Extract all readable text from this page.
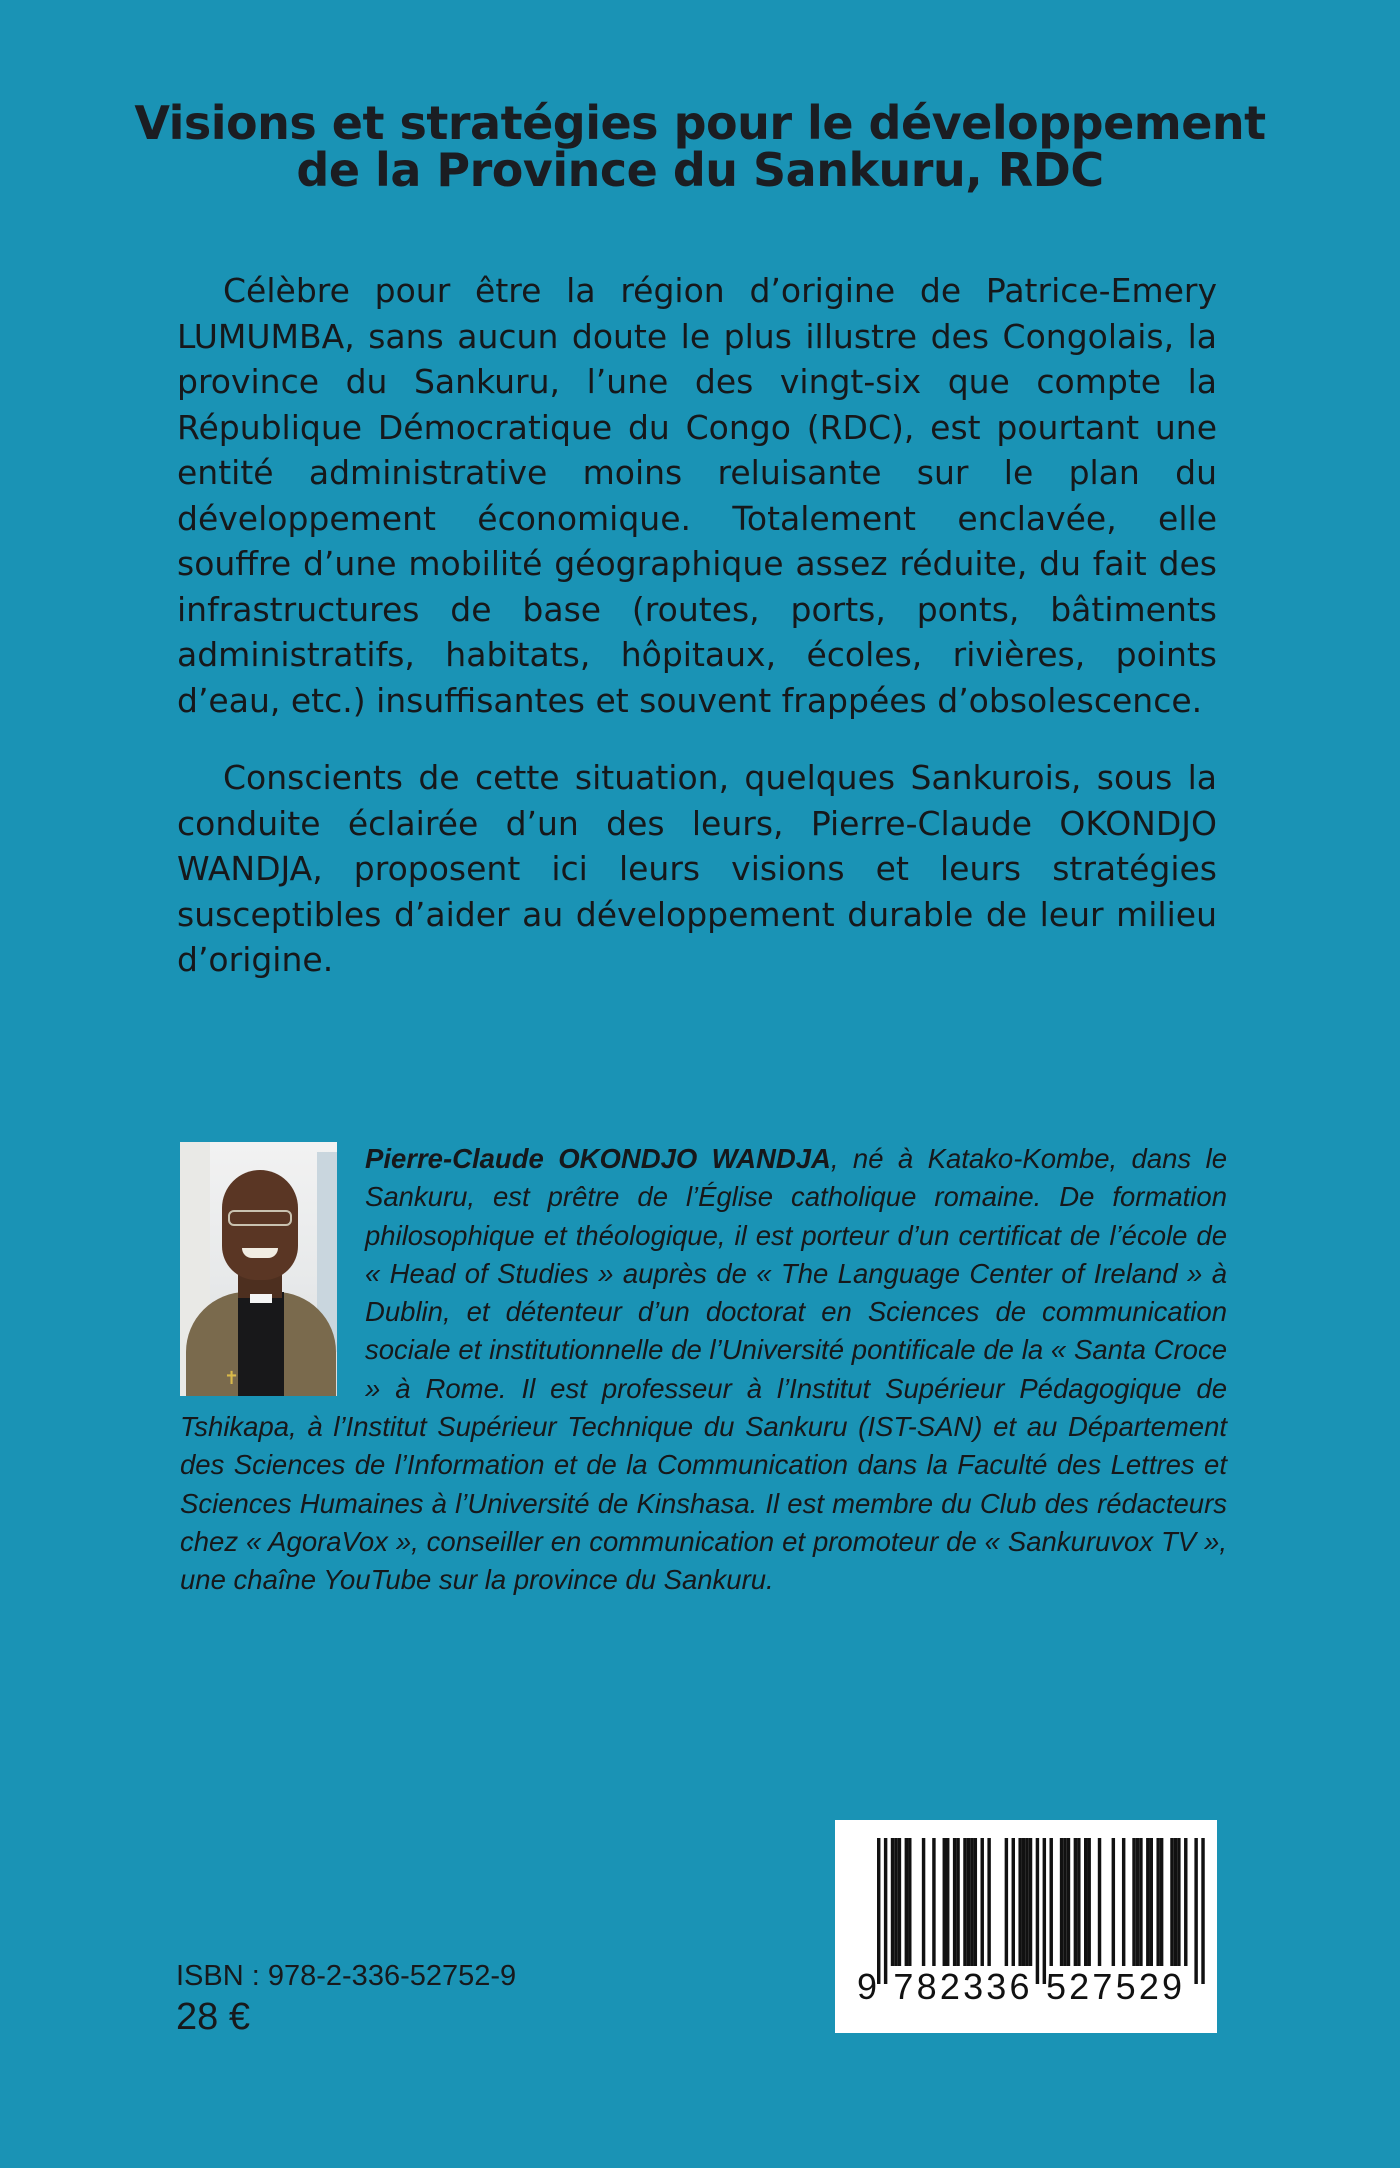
Visions et stratégies pour le développement
de la Province du Sankuru, RDC

Célèbre pour être la région d’origine de Patrice-Emery LUMUMBA, sans aucun doute le plus illustre des Congolais, la province du Sankuru, l’une des vingt-six que compte la République Démocratique du Congo (RDC), est pourtant une entité administrative moins reluisante sur le plan du développement économique. Totalement enclavée, elle souffre d’une mobilité géographique assez réduite, du fait des infrastructures de base (routes, ports, ponts, bâtiments administratifs, habitats, hôpitaux, écoles, rivières, points d’eau, etc.) insuffisantes et souvent frappées d’obsolescence.

Conscients de cette situation, quelques Sankurois, sous la conduite éclairée d’un des leurs, Pierre-Claude OKONDJO WANDJA, proposent ici leurs visions et leurs stratégies susceptibles d’aider au développement durable de leur milieu d’origine.

✝
Pierre-Claude OKONDJO WANDJA, né à Katako-Kombe, dans le Sankuru, est prêtre de l’Église catholique romaine. De formation philosophique et théologique, il est porteur d’un certificat de l’école de « Head of Studies » auprès de « The Language Center of Ireland » à Dublin, et détenteur d’un doctorat en Sciences de communication sociale et institutionnelle de l’Université pontificale de la « Santa Croce » à Rome. Il est professeur à l’Institut Supérieur Pédagogique de Tshikapa, à l’Institut Supérieur Technique du Sankuru (IST-SAN) et au Département des Sciences de l’Information et de la Communication dans la Faculté des Lettres et Sciences Humaines à l’Université de Kinshasa. Il est membre du Club des rédacteurs chez « AgoraVox », conseiller en communication et promoteur de « Sankuruvox TV », une chaîne YouTube sur la province du Sankuru.
ISBN : 978-2-336-52752-9
28 €
9 782336 527529
